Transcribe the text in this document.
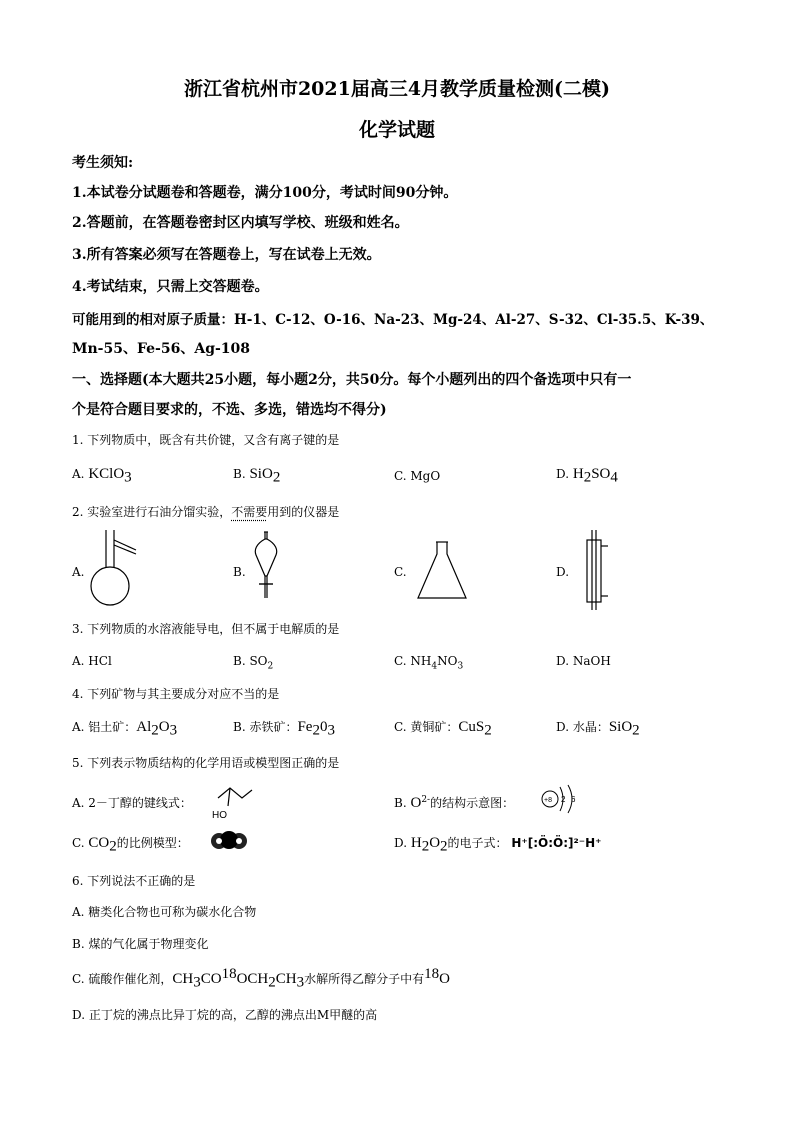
浙江省杭州市2021届高三4月教学质量检测(二模)
化学试题
考生须知:
1.本试卷分试题卷和答题卷，满分100分，考试时间90分钟。
2.答题前，在答题卷密封区内填写学校、班级和姓名。
3.所有答案必须写在答题卷上，写在试卷上无效。
4.考试结束，只需上交答题卷。
可能用到的相对原子质量：H-1、C-12、O-16、Na-23、Mg-24、Al-27、S-32、Cl-35.5、K-39、
Mn-55、Fe-56、Ag-108
一、选择题(本大题共25小题，每小题2分，共50分。每个小题列出的四个备选项中只有一
个是符合题目要求的，不选、多选，错选均不得分)
1. 下列物质中，既含有共价键，又含有离子键的是
A. KClO$_3$	B. SiO$_2$	C. MgO	D. $H_2SO_4$
2. 实验室进行石油分馏实验，不需要用到的仪器是
A.	B.	C.	D.
3. 下列物质的水溶液能导电，但不属于电解质的是
A. HCl	B. $SO_2$	C. $NH_4NO_3$	D. NaOH
4. 下列矿物与其主要成分对应不当的是
A. 铝土矿：$Al_2O_3$	B. 赤铁矿：$Fe_20_3$	C. 黄铜矿：CuS$_2$	D. 水晶：SiO$_2$
5. 下列表示物质结构的化学用语或模型图正确的是
A. 2－丁醇的键线式：
HO
B. $O^{2-}$的结构示意图：	+8 2 6
C. $CO_2$的比例模型：	D. $H_2O_2$的电子式： H⁺[:Ö:Ö:]²⁻H⁺
6. 下列说法不正确的是
A. 糖类化合物也可称为碳水化合物
B. 煤的气化属于物理变化
C. 硫酸作催化剂，$CH_3CO^{18}OCH_2CH_3$水解所得乙醇分子中有$^{18}$O
D. 正丁烷的沸点比异丁烷的高，乙醇的沸点出M甲醚的高
